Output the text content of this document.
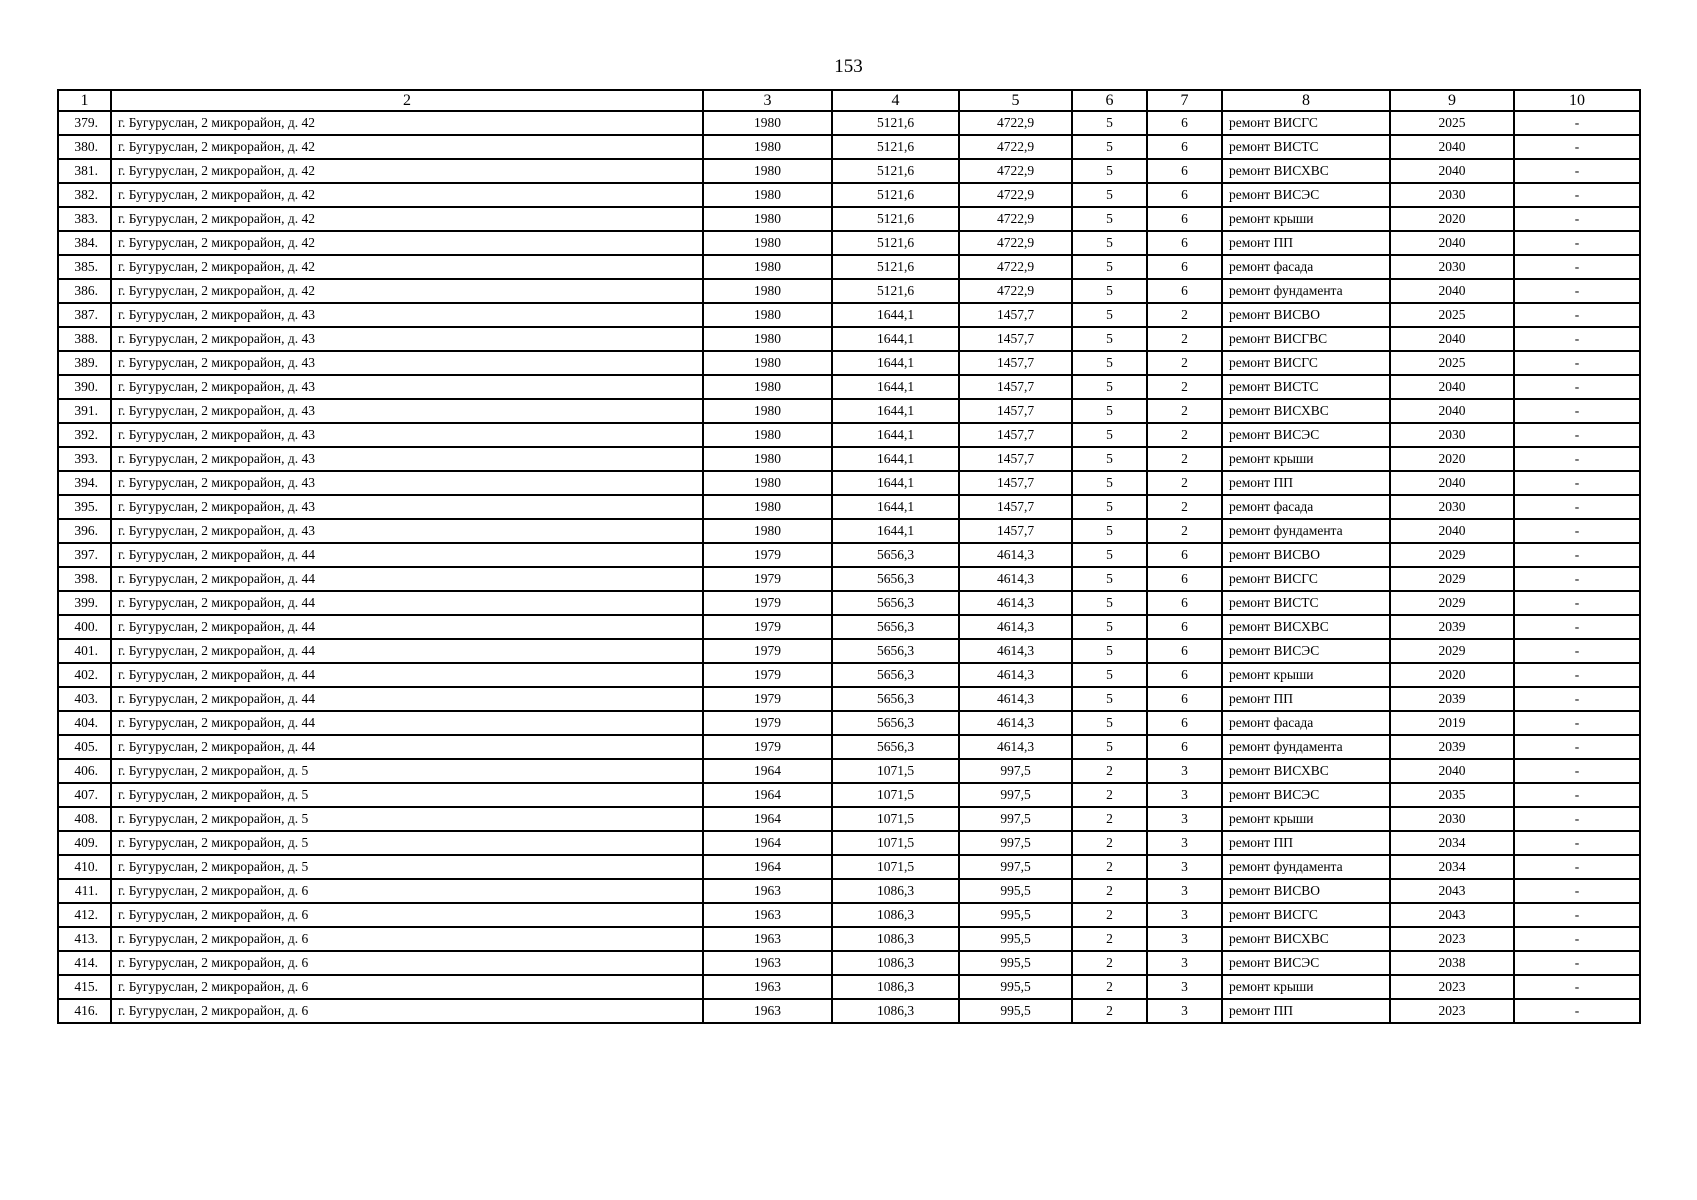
153
1	2	3	4	5	6	7	8	9	10
379.	г. Бугуруслан, 2 микрорайон, д. 42	1980	5121,6	4722,9	5	6	ремонт ВИСГС	2025	-
380.	г. Бугуруслан, 2 микрорайон, д. 42	1980	5121,6	4722,9	5	6	ремонт ВИСТС	2040	-
381.	г. Бугуруслан, 2 микрорайон, д. 42	1980	5121,6	4722,9	5	6	ремонт ВИСХВС	2040	-
382.	г. Бугуруслан, 2 микрорайон, д. 42	1980	5121,6	4722,9	5	6	ремонт ВИСЭС	2030	-
383.	г. Бугуруслан, 2 микрорайон, д. 42	1980	5121,6	4722,9	5	6	ремонт крыши	2020	-
384.	г. Бугуруслан, 2 микрорайон, д. 42	1980	5121,6	4722,9	5	6	ремонт ПП	2040	-
385.	г. Бугуруслан, 2 микрорайон, д. 42	1980	5121,6	4722,9	5	6	ремонт фасада	2030	-
386.	г. Бугуруслан, 2 микрорайон, д. 42	1980	5121,6	4722,9	5	6	ремонт фундамента	2040	-
387.	г. Бугуруслан, 2 микрорайон, д. 43	1980	1644,1	1457,7	5	2	ремонт ВИСВО	2025	-
388.	г. Бугуруслан, 2 микрорайон, д. 43	1980	1644,1	1457,7	5	2	ремонт ВИСГВС	2040	-
389.	г. Бугуруслан, 2 микрорайон, д. 43	1980	1644,1	1457,7	5	2	ремонт ВИСГС	2025	-
390.	г. Бугуруслан, 2 микрорайон, д. 43	1980	1644,1	1457,7	5	2	ремонт ВИСТС	2040	-
391.	г. Бугуруслан, 2 микрорайон, д. 43	1980	1644,1	1457,7	5	2	ремонт ВИСХВС	2040	-
392.	г. Бугуруслан, 2 микрорайон, д. 43	1980	1644,1	1457,7	5	2	ремонт ВИСЭС	2030	-
393.	г. Бугуруслан, 2 микрорайон, д. 43	1980	1644,1	1457,7	5	2	ремонт крыши	2020	-
394.	г. Бугуруслан, 2 микрорайон, д. 43	1980	1644,1	1457,7	5	2	ремонт ПП	2040	-
395.	г. Бугуруслан, 2 микрорайон, д. 43	1980	1644,1	1457,7	5	2	ремонт фасада	2030	-
396.	г. Бугуруслан, 2 микрорайон, д. 43	1980	1644,1	1457,7	5	2	ремонт фундамента	2040	-
397.	г. Бугуруслан, 2 микрорайон, д. 44	1979	5656,3	4614,3	5	6	ремонт ВИСВО	2029	-
398.	г. Бугуруслан, 2 микрорайон, д. 44	1979	5656,3	4614,3	5	6	ремонт ВИСГС	2029	-
399.	г. Бугуруслан, 2 микрорайон, д. 44	1979	5656,3	4614,3	5	6	ремонт ВИСТС	2029	-
400.	г. Бугуруслан, 2 микрорайон, д. 44	1979	5656,3	4614,3	5	6	ремонт ВИСХВС	2039	-
401.	г. Бугуруслан, 2 микрорайон, д. 44	1979	5656,3	4614,3	5	6	ремонт ВИСЭС	2029	-
402.	г. Бугуруслан, 2 микрорайон, д. 44	1979	5656,3	4614,3	5	6	ремонт крыши	2020	-
403.	г. Бугуруслан, 2 микрорайон, д. 44	1979	5656,3	4614,3	5	6	ремонт ПП	2039	-
404.	г. Бугуруслан, 2 микрорайон, д. 44	1979	5656,3	4614,3	5	6	ремонт фасада	2019	-
405.	г. Бугуруслан, 2 микрорайон, д. 44	1979	5656,3	4614,3	5	6	ремонт фундамента	2039	-
406.	г. Бугуруслан, 2 микрорайон, д. 5	1964	1071,5	997,5	2	3	ремонт ВИСХВС	2040	-
407.	г. Бугуруслан, 2 микрорайон, д. 5	1964	1071,5	997,5	2	3	ремонт ВИСЭС	2035	-
408.	г. Бугуруслан, 2 микрорайон, д. 5	1964	1071,5	997,5	2	3	ремонт крыши	2030	-
409.	г. Бугуруслан, 2 микрорайон, д. 5	1964	1071,5	997,5	2	3	ремонт ПП	2034	-
410.	г. Бугуруслан, 2 микрорайон, д. 5	1964	1071,5	997,5	2	3	ремонт фундамента	2034	-
411.	г. Бугуруслан, 2 микрорайон, д. 6	1963	1086,3	995,5	2	3	ремонт ВИСВО	2043	-
412.	г. Бугуруслан, 2 микрорайон, д. 6	1963	1086,3	995,5	2	3	ремонт ВИСГС	2043	-
413.	г. Бугуруслан, 2 микрорайон, д. 6	1963	1086,3	995,5	2	3	ремонт ВИСХВС	2023	-
414.	г. Бугуруслан, 2 микрорайон, д. 6	1963	1086,3	995,5	2	3	ремонт ВИСЭС	2038	-
415.	г. Бугуруслан, 2 микрорайон, д. 6	1963	1086,3	995,5	2	3	ремонт крыши	2023	-
416.	г. Бугуруслан, 2 микрорайон, д. 6	1963	1086,3	995,5	2	3	ремонт ПП	2023	-
